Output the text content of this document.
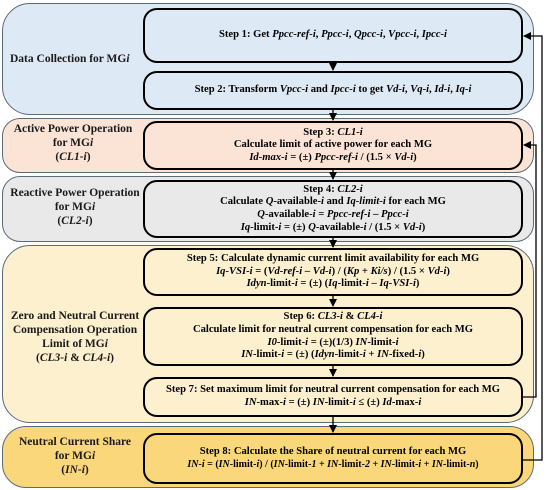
Data Collection for MGi
Active Power Operation
for MGi
(CL1-i)
Reactive Power Operation
for MGi
(CL2-i)
Zero and Neutral Current
Compensation Operation
Limit of MGi
(CL3-i & CL4-i)
Neutral Current Share
for MGi
(IN-i)
Step 1: Get Ppcc-ref-i, Ppcc-i, Qpcc-i, Vpcc-i, Ipcc-i
Step 2: Transform Vpcc-i and Ipcc-i to get Vd-i, Vq-i, Id-i, Iq-i
Step 3: CL1-i
Calculate limit of active power for each MG
Id-max-i = (±) Ppcc-ref-i / (1.5 × Vd-i)
Step 4: CL2-i
Calculate Q-available-i and Iq-limit-i for each MG
Q-available-i = Ppcc-ref-i – Ppcc-i
Iq-limit-i = (±) Q-available-i / (1.5 × Vd-i)
Step 5: Calculate dynamic current limit availability for each MG
Iq-VSI-i = (Vd-ref-i – Vd-i) / (Kp + Ki/s) / (1.5 × Vd-i)
Idyn-limit-i = (±) (Iq-limit-i – Iq-VSI-i)
Step 6: CL3-i & CL4-i
Calculate limit for neutral current compensation for each MG
I0-limit-i = (±)(1/3) IN-limit-i
IN-limit-i = (±) (Idyn-limit-i + IN-fixed-i)
Step 7: Set maximum limit for neutral current compensation for each MG
IN-max-i = (±) IN-limit-i ≤ (±) Id-max-i
Step 8: Calculate the Share of neutral current for each MG
IN-i = (IN-limit-i) / (IN-limit-1 + IN-limit-2 + IN-limit-i + IN-limit-n)
